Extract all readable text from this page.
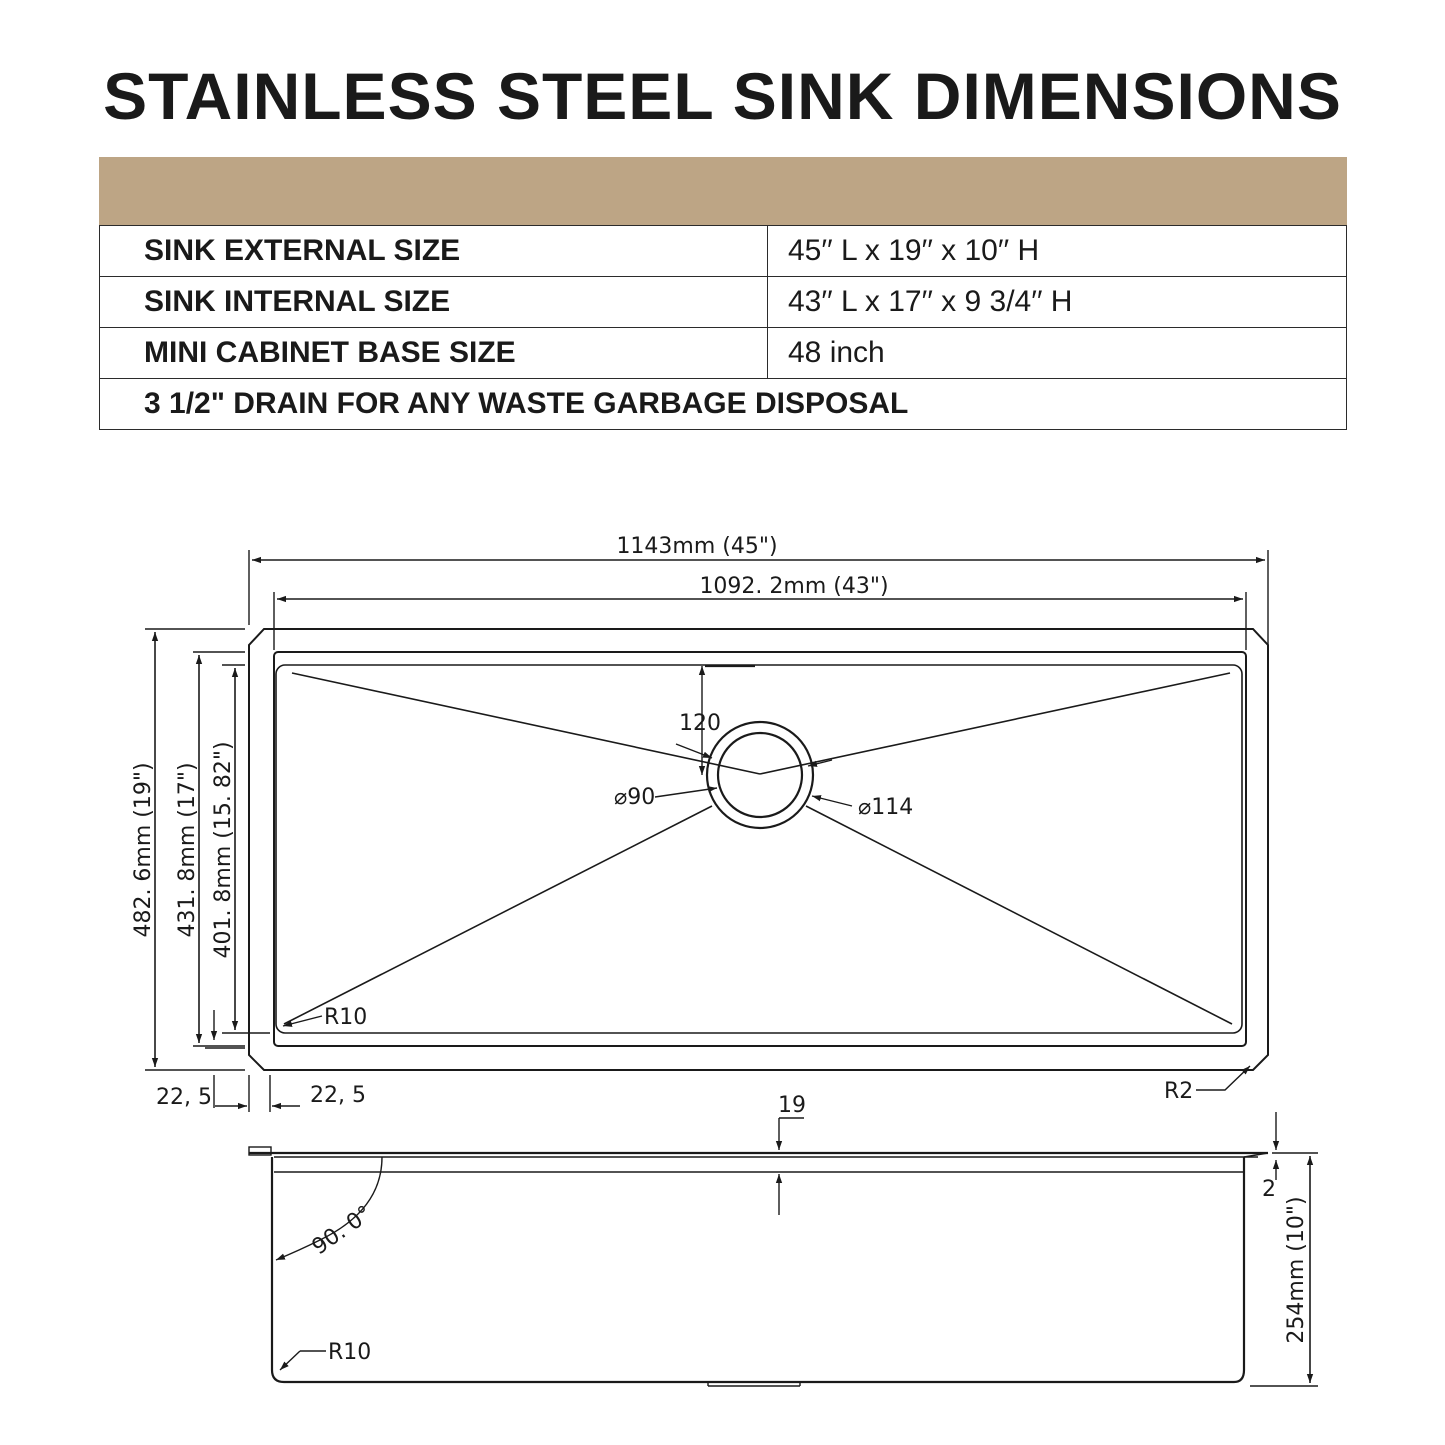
STAINLESS STEEL SINK DIMENSIONS
SINK EXTERNAL SIZE	45′′ L x 19′′ x 10′′ H
SINK INTERNAL SIZE	43′′ L x 17′′ x 9 3/4′′ H
MINI CABINET BASE SIZE	48 inch
3 1/2" DRAIN FOR ANY WASTE GARBAGE DISPOSAL	
1143mm (45")
1092. 2mm (43")
482. 6mm (19") 431. 8mm (17") 401. 8mm (15. 82")
120
⌀90	⌀114
R10
R2
22, 5	22, 5	19
2
90. 0°
R10
254mm (10")
